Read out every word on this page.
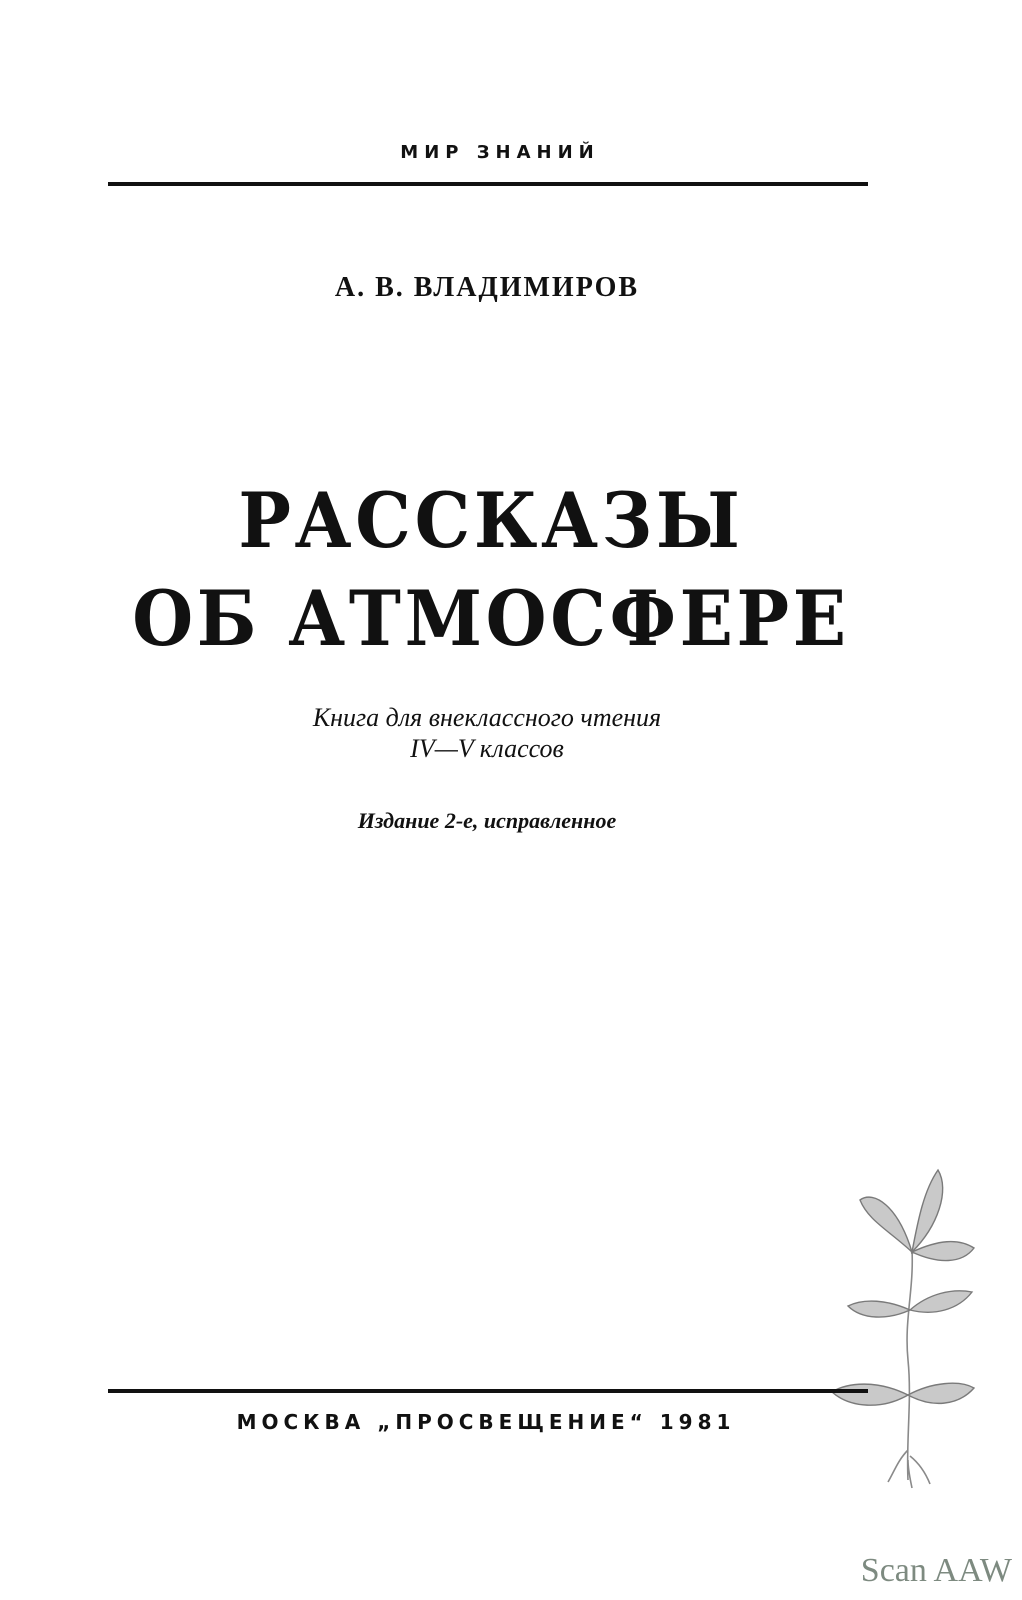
МИР ЗНАНИЙ
А. В. ВЛАДИМИРОВ
РАССКАЗЫ
ОБ АТМОСФЕРЕ
Книга для внеклассного чтения
IV—V классов
Издание 2-е, исправленное
МОСКВА „ПРОСВЕЩЕНИЕ“ 1981
Scan AAW
